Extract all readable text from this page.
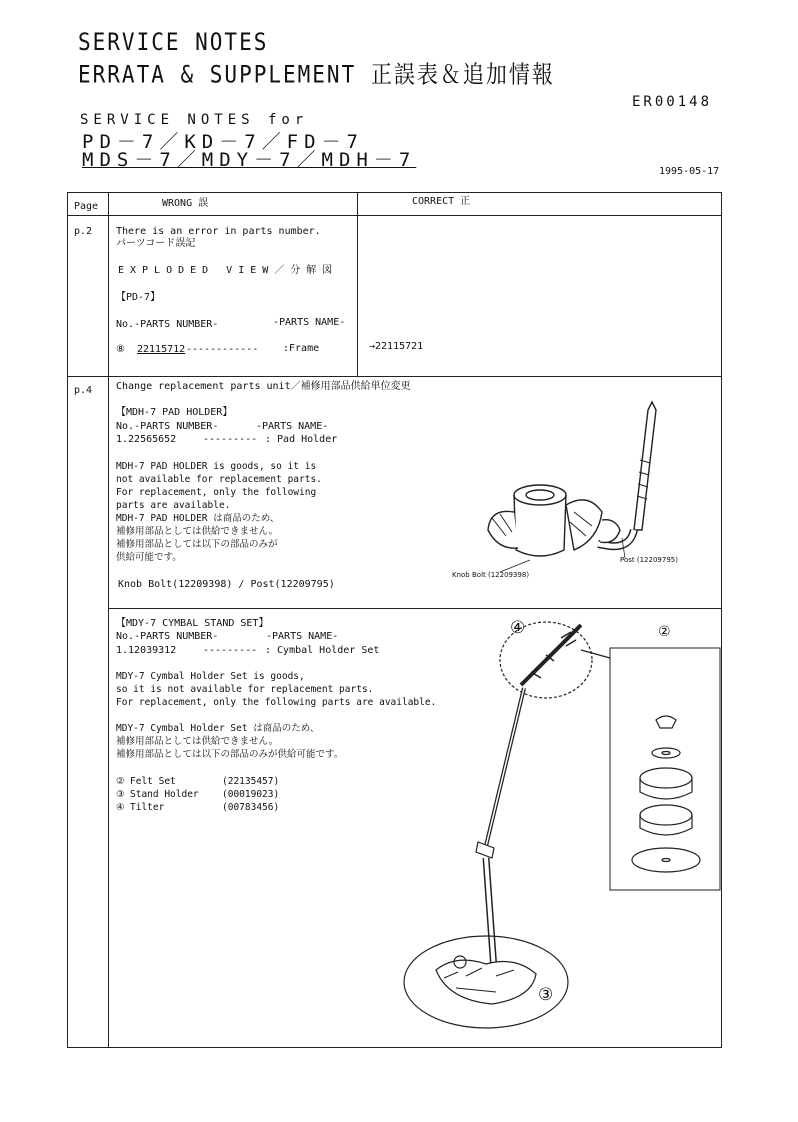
SERVICE NOTES
ERRATA & SUPPLEMENT 正誤表＆追加情報
ER00148
SERVICE NOTES for
PD－7／KD－7／FD－7
MDS－7／MDY－7／MDH－7
1995-05-17
Page	WRONG 誤	CORRECT 正
p.2 There is an error in parts number.
パーツコード誤記
EXPLODED VIEW／分解図
【PD-7】
No.-PARTS NUMBER-	-PARTS NAME-
⑧ 22115712 ------------ :Frame	→22115721
p.4 Change replacement parts unit／補修用部品供給単位変更
【MDH-7 PAD HOLDER】
No.-PARTS NUMBER-	-PARTS NAME-
1.22565652	--------- : Pad Holder
MDH-7 PAD HOLDER is goods, so it is
not available for replacement parts.
For replacement, only the following
parts are available.
MDH-7 PAD HOLDER は商品のため、
補修用部品としては供給できません。
補修用部品としては以下の部品のみが
供給可能です。
Knob Bolt(12209398) / Post(12209795)
Knob Bolt (12209398)
Post (12209795)
【MDY-7 CYMBAL STAND SET】
No.-PARTS NUMBER-	-PARTS NAME-
1.12039312	--------- : Cymbal Holder Set
MDY-7 Cymbal Holder Set is goods,
so it is not available for replacement parts.
For replacement, only the following parts are available.
MDY-7 Cymbal Holder Set は商品のため、
補修用部品としては供給できません。
補修用部品としては以下の部品のみが供給可能です。
② Felt Set	(22135457)
③ Stand Holder (00019023)
④ Tilter	(00783456)
④	②
③
